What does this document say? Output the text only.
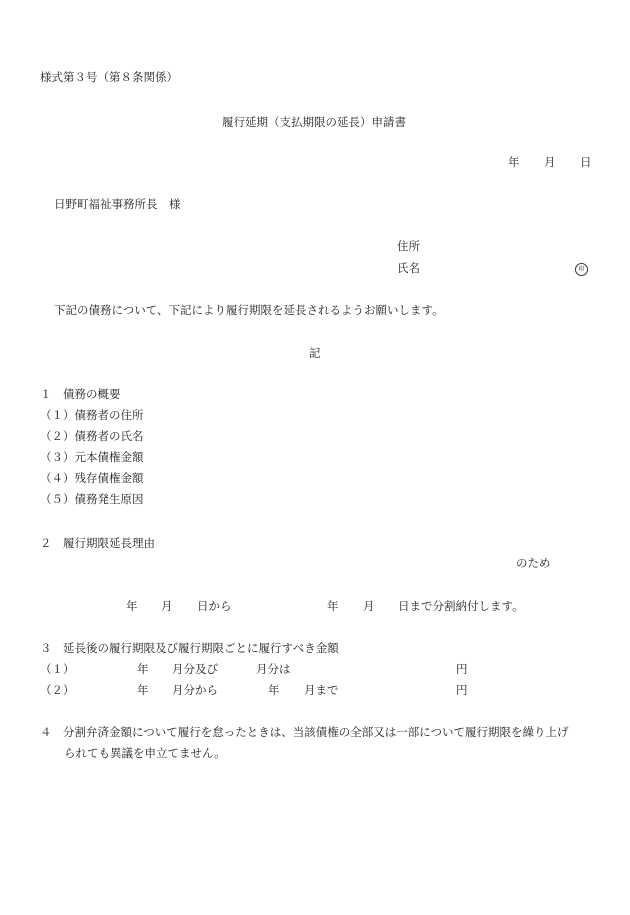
様式第３号（第８条関係）
履行延期（支払期限の延長）申請書
年 月 日
日野町福祉事務所長　様
住所
氏名	印
下記の債務について、下記により履行期限を延長されるようお願いします。
記
１　債務の概要
（１）債務者の住所
（２）債務者の氏名
（３）元本債権金額
（４）残存債権金額
（５）債務発生原因
２　履行期限延長理由
のため
年 月 日から	年 月 日まで分割納付します。
３　延長後の履行期限及び履行期限ごとに履行すべき金額
（１）	年 月分及び	月分は	円
（２）	年 月分から	年 月まで	円
４　分割弁済金額について履行を怠ったときは、当該債権の全部又は一部について履行期限を繰り上げ
られても異議を申立てません。
